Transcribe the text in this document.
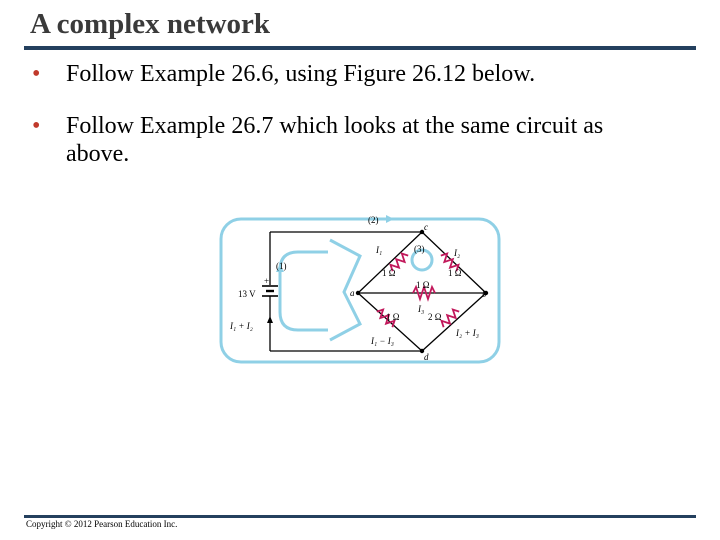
A complex network
• Follow Example 26.6, using Figure 26.12 below.
• Follow Example 26.7 which looks at the same circuit as above.
(2)
(1)
(3)
+
13 V
I₁ + I₂
I₁	I₂
I₃
I₁ − I₃
I₂ + I₃
1 Ω	1 Ω
1 Ω
1 Ω	2 Ω
a	b
c
d
Copyright © 2012 Pearson Education Inc.
